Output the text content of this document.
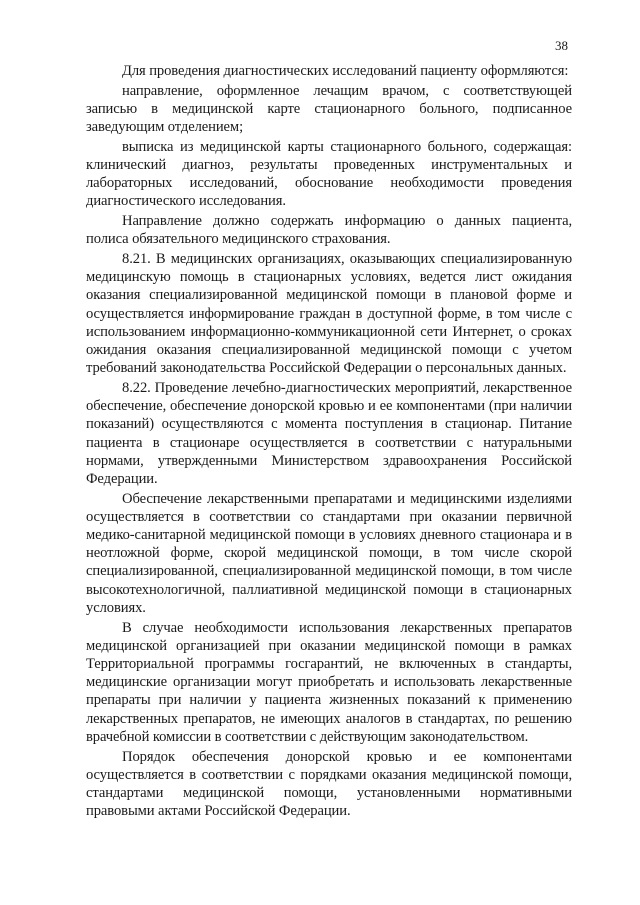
38

Для проведения диагностических исследований пациенту оформляются:

направление, оформленное лечащим врачом, с соответствующей записью в медицинской карте стационарного больного, подписанное заведующим отделением;

выписка из медицинской карты стационарного больного, содержащая: клинический диагноз, результаты проведенных инструментальных и лабораторных исследований, обоснование необходимости проведения диагностического исследования.

Направление должно содержать информацию о данных пациента, полиса обязательного медицинского страхования.

8.21. В медицинских организациях, оказывающих специализированную медицинскую помощь в стационарных условиях, ведется лист ожидания оказания специализированной медицинской помощи в плановой форме и осуществляется информирование граждан в доступной форме, в том числе с использованием информационно-коммуникационной сети Интернет, о сроках ожидания оказания специализированной медицинской помощи с учетом требований законодательства Российской Федерации о персональных данных.

8.22. Проведение лечебно-диагностических мероприятий, лекарственное обеспечение, обеспечение донорской кровью и ее компонентами (при наличии показаний) осуществляются с момента поступления в стационар. Питание пациента в стационаре осуществляется в соответствии с натуральными нормами, утвержденными Министерством здравоохранения Российской Федерации.

Обеспечение лекарственными препаратами и медицинскими изделиями осуществляется в соответствии со стандартами при оказании первичной медико-санитарной медицинской помощи в условиях дневного стационара и в неотложной форме, скорой медицинской помощи, в том числе скорой специализированной, специализированной медицинской помощи, в том числе высокотехнологичной, паллиативной медицинской помощи в стационарных условиях.

В случае необходимости использования лекарственных препаратов медицинской организацией при оказании медицинской помощи в рамках Территориальной программы госгарантий, не включенных в стандарты, медицинские организации могут приобретать и использовать лекарственные препараты при наличии у пациента жизненных показаний к применению лекарственных препаратов, не имеющих аналогов в стандартах, по решению врачебной комиссии в соответствии с действующим законодательством.

Порядок обеспечения донорской кровью и ее компонентами осуществляется в соответствии с порядками оказания медицинской помощи, стандартами медицинской помощи, установленными нормативными правовыми актами Российской Федерации.
